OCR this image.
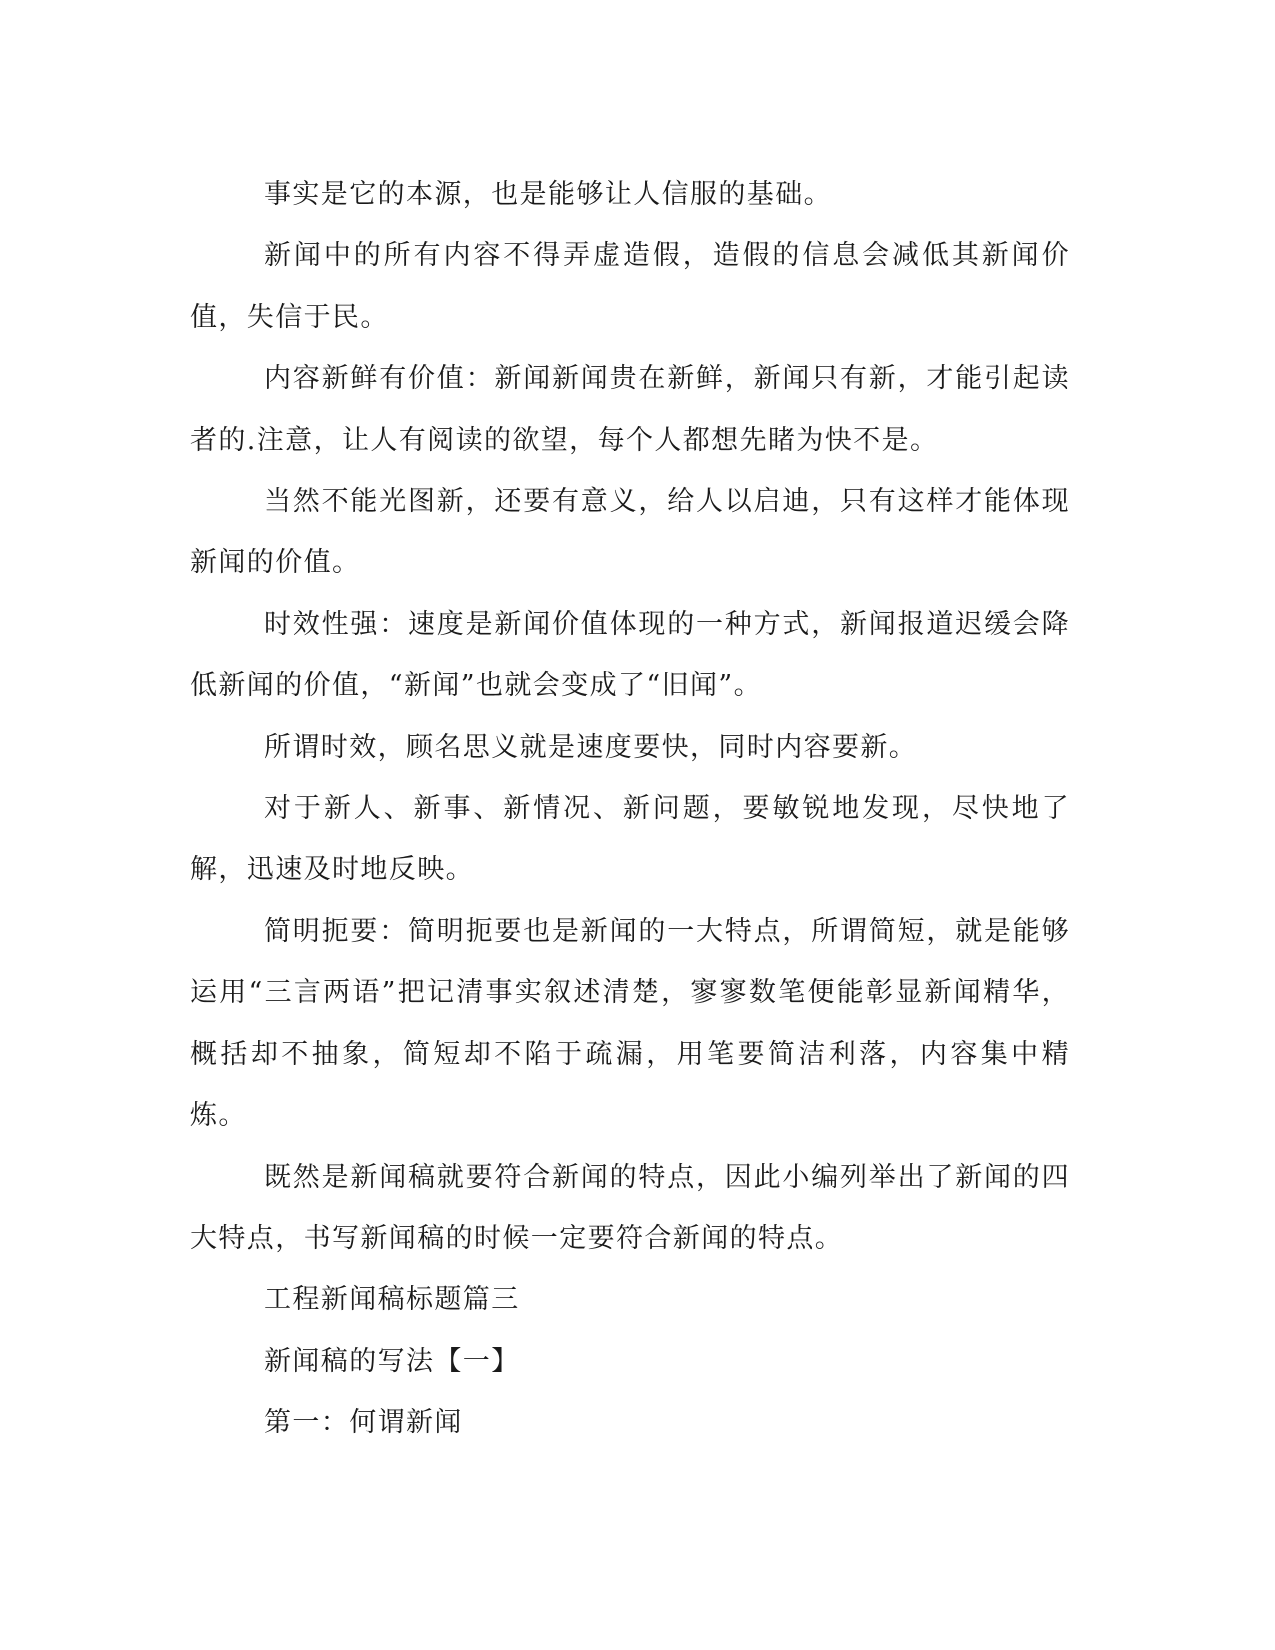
事实是它的本源，也是能够让人信服的基础。

新闻中的所有内容不得弄虚造假，造假的信息会减低其新闻价值，失信于民。

内容新鲜有价值：新闻新闻贵在新鲜，新闻只有新，才能引起读者的.注意，让人有阅读的欲望，每个人都想先睹为快不是。

当然不能光图新，还要有意义，给人以启迪，只有这样才能体现新闻的价值。

时效性强：速度是新闻价值体现的一种方式，新闻报道迟缓会降低新闻的价值，“新闻”也就会变成了“旧闻”。

所谓时效，顾名思义就是速度要快，同时内容要新。

对于新人、新事、新情况、新问题，要敏锐地发现，尽快地了解，迅速及时地反映。

简明扼要：简明扼要也是新闻的一大特点，所谓简短，就是能够运用“三言两语”把记清事实叙述清楚，寥寥数笔便能彰显新闻精华，概括却不抽象，简短却不陷于疏漏，用笔要简洁利落，内容集中精炼。

既然是新闻稿就要符合新闻的特点，因此小编列举出了新闻的四大特点，书写新闻稿的时候一定要符合新闻的特点。

工程新闻稿标题篇三

新闻稿的写法【一】

第一：何谓新闻
